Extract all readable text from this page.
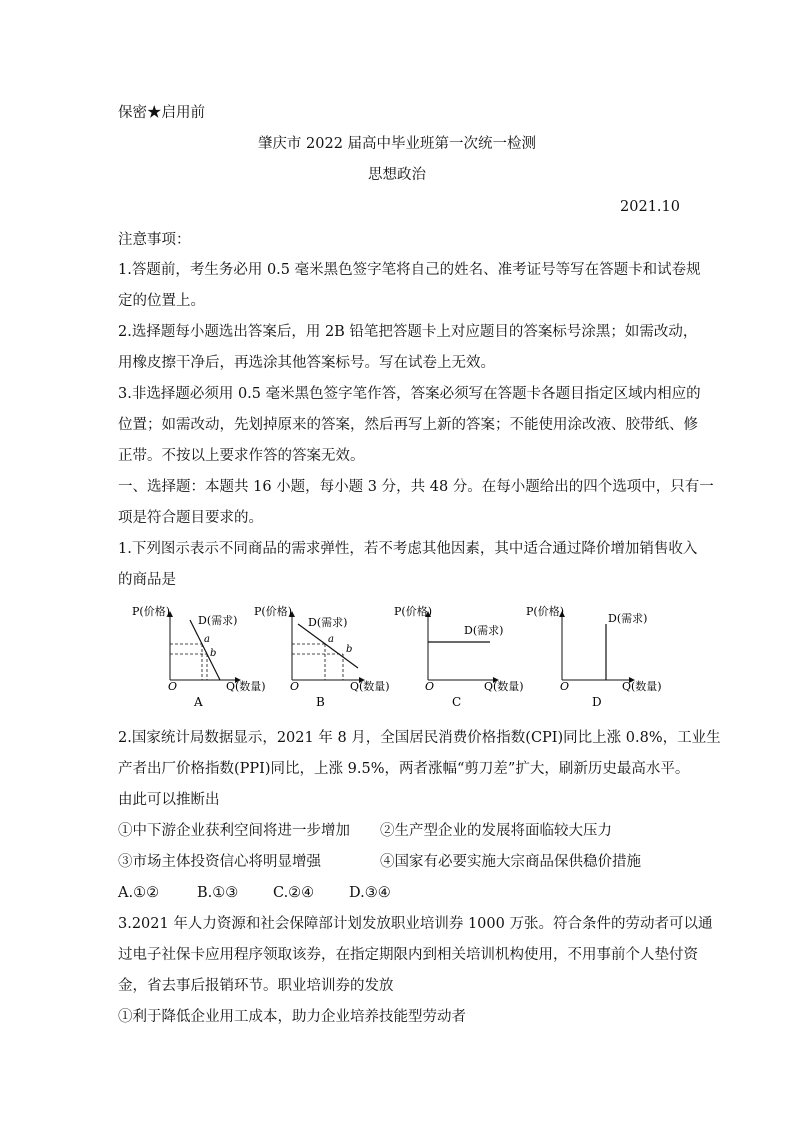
保密★启用前
肇庆市 2022 届高中毕业班第一次统一检测
思想政治
2021.10
注意事项：
1.答题前，考生务必用 0.5 毫米黑色签字笔将自己的姓名、准考证号等写在答题卡和试卷规
定的位置上。
2.选择题每小题选出答案后，用 2B 铅笔把答题卡上对应题目的答案标号涂黑；如需改动，
用橡皮擦干净后，再选涂其他答案标号。写在试卷上无效。
3.非选择题必须用 0.5 毫米黑色签字笔作答，答案必须写在答题卡各题目指定区域内相应的
位置；如需改动，先划掉原来的答案，然后再写上新的答案；不能使用涂改液、胶带纸、修
正带。不按以上要求作答的答案无效。
一、选择题：本题共 16 小题，每小题 3 分，共 48 分。在每小题给出的四个选项中，只有一
项是符合题目要求的。
1.下列图示表示不同商品的需求弹性，若不考虑其他因素，其中适合通过降价增加销售收入
的商品是
P(价格)
D(需求)
a
b
O	Q(数量)
A
P(价格)
D(需求)
a
b
O	Q(数量)
B
P(价格)
D(需求)
O	Q(数量)
C
P(价格)
D(需求)
O	Q(数量)
D
2.国家统计局数据显示，2021 年 8 月，全国居民消费价格指数(CPI)同比上涨 0.8%，工业生
产者出厂价格指数(PPI)同比，上涨 9.5%，两者涨幅“剪刀差”扩大，刷新历史最高水平。
由此可以推断出
①中下游企业获利空间将进一步增加 ②生产型企业的发展将面临较大压力
③市场主体投资信心将明显增强	④国家有必要实施大宗商品保供稳价措施
A.①②	B.①③ C.②④ D.③④
3.2021 年人力资源和社会保障部计划发放职业培训券 1000 万张。符合条件的劳动者可以通
过电子社保卡应用程序领取该券，在指定期限内到相关培训机构使用，不用事前个人垫付资
金，省去事后报销环节。职业培训券的发放
①利于降低企业用工成本，助力企业培养技能型劳动者
